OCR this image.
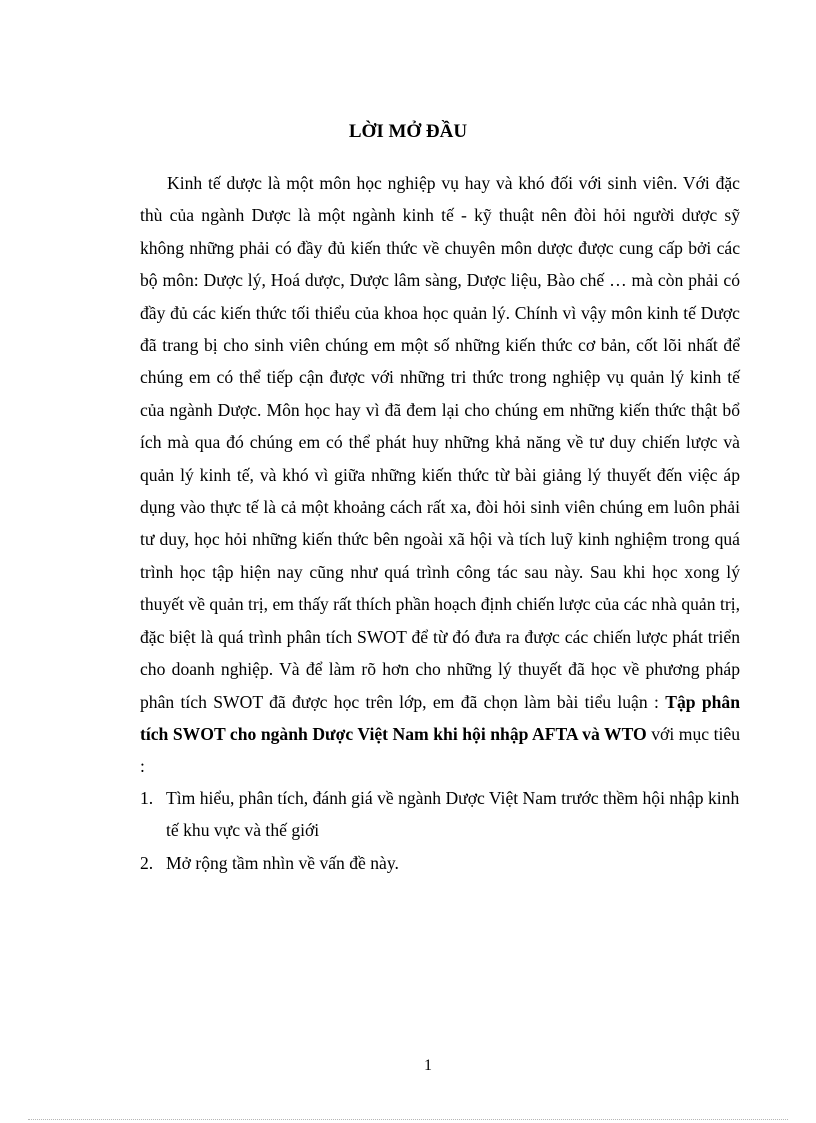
LỜI MỞ ĐẦU

Kinh tế dược là một môn học nghiệp vụ hay và khó đối với sinh viên. Với đặc thù của ngành Dược là một ngành kinh tế - kỹ thuật nên đòi hỏi người dược sỹ không những phải có đầy đủ kiến thức về chuyên môn dược được cung cấp bởi các bộ môn: Dược lý, Hoá dược, Dược lâm sàng, Dược liệu, Bào chế … mà còn phải có đầy đủ các kiến thức tối thiểu của khoa học quản lý. Chính vì vậy môn kinh tế Dược đã trang bị cho sinh viên chúng em một số những kiến thức cơ bản, cốt lõi nhất để chúng em có thể tiếp cận được với những tri thức trong nghiệp vụ quản lý kinh tế của ngành Dược. Môn học hay vì đã đem lại cho chúng em những kiến thức thật bổ ích mà qua đó chúng em có thể phát huy những khả năng về tư duy chiến lược và quản lý kinh tế, và khó vì giữa những kiến thức từ bài giảng lý thuyết đến việc áp dụng vào thực tế là cả một khoảng cách rất xa, đòi hỏi sinh viên chúng em luôn phải tư duy, học hỏi những kiến thức bên ngoài xã hội và tích luỹ kinh nghiệm trong quá trình học tập hiện nay cũng như quá trình công tác sau này. Sau khi học xong lý thuyết về quản trị, em thấy rất thích phần hoạch định chiến lược của các nhà quản trị, đặc biệt là quá trình phân tích SWOT để từ đó đưa ra được các chiến lược phát triển cho doanh nghiệp. Và để làm rõ hơn cho những lý thuyết đã học về phương pháp phân tích SWOT đã được học trên lớp, em đã chọn làm bài tiểu luận : Tập phân tích SWOT cho ngành Dược Việt Nam khi hội nhập AFTA và WTO với mục tiêu :

1. Tìm hiểu, phân tích, đánh giá về ngành Dược Việt Nam trước thềm hội nhập kinh tế khu vực và thế giới
2. Mở rộng tầm nhìn về vấn đề này.

1
